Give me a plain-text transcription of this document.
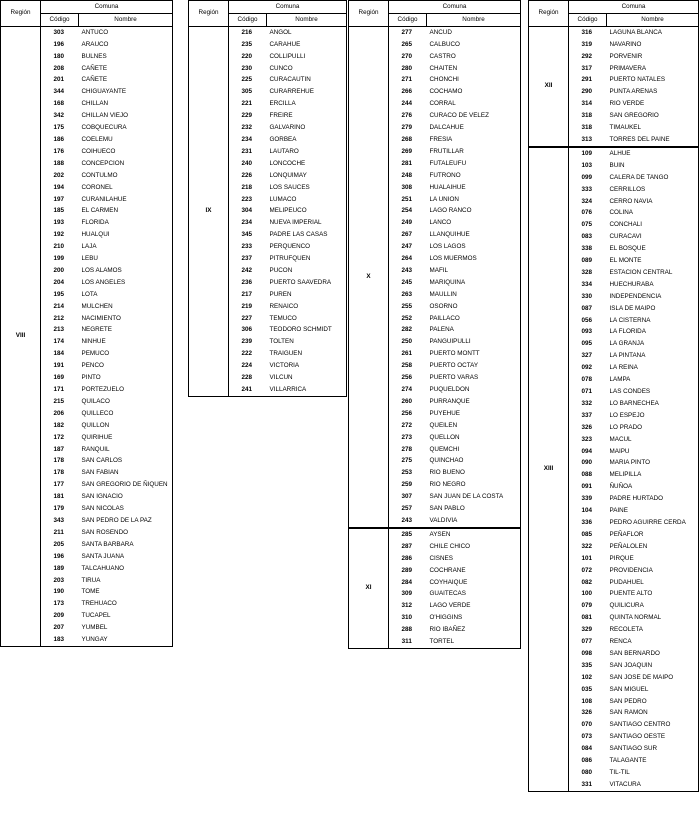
Región	Comuna	
	Código	Nombre
VIII	303	ANTUCO
	196	ARAUCO
	180	BULNES
	208	CAÑETE
	201	CAÑETE
	344	CHIGUAYANTE
	168	CHILLAN
	342	CHILLAN VIEJO
	175	COBQUECURA
	186	COELEMU
	176	COIHUECO
	188	CONCEPCION
	202	CONTULMO
	194	CORONEL
	197	CURANILAHUE
	185	EL CARMEN
	193	FLORIDA
	192	HUALQUI
	210	LAJA
	199	LEBU
	200	LOS ALAMOS
	204	LOS ANGELES
	195	LOTA
	214	MULCHEN
	212	NACIMIENTO
	213	NEGRETE
	174	NINHUE
	184	PEMUCO
	191	PENCO
	169	PINTO
	171	PORTEZUELO
	215	QUILACO
	206	QUILLECO
	182	QUILLON
	172	QUIRIHUE
	187	RANQUIL
	178	SAN CARLOS
	178	SAN FABIAN
	177	SAN GREGORIO DE ÑIQUEN
	181	SAN IGNACIO
	179	SAN NICOLAS
	343	SAN PEDRO DE LA PAZ
	211	SAN ROSENDO
	205	SANTA BARBARA
	196	SANTA JUANA
	189	TALCAHUANO
	203	TIRUA
	190	TOME
	173	TREHUACO
	209	TUCAPEL
	207	YUMBEL
	183	YUNGAY
Región	Comuna	
	Código	Nombre
IX	216	ANGOL
	235	CARAHUE
	220	COLLIPULLI
	230	CUNCO
	225	CURACAUTIN
	305	CURARREHUE
	221	ERCILLA
	229	FREIRE
	232	GALVARINO
	234	GORBEA
	231	LAUTARO
	240	LONCOCHE
	226	LONQUIMAY
	218	LOS SAUCES
	223	LUMACO
	304	MELIPEUCO
	234	NUEVA IMPERIAL
	345	PADRE LAS CASAS
	233	PERQUENCO
	237	PITRUFQUEN
	242	PUCON
	236	PUERTO SAAVEDRA
	217	PUREN
	219	RENAICO
	227	TEMUCO
	306	TEODORO SCHMIDT
	239	TOLTEN
	222	TRAIGUEN
	224	VICTORIA
	228	VILCUN
	241	VILLARRICA
Región	Comuna	
	Código	Nombre
X	277	ANCUD
	265	CALBUCO
	270	CASTRO
	280	CHAITEN
	271	CHONCHI
	266	COCHAMO
	244	CORRAL
	276	CURACO DE VELEZ
	279	DALCAHUE
	268	FRESIA
	269	FRUTILLAR
	281	FUTALEUFU
	248	FUTRONO
	308	HUALAIHUE
	251	LA UNION
	254	LAGO RANCO
	249	LANCO
	267	LLANQUIHUE
	247	LOS LAGOS
	264	LOS MUERMOS
	243	MAFIL
	245	MARIQUINA
	263	MAULLIN
	255	OSORNO
	252	PAILLACO
	282	PALENA
	250	PANGUIPULLI
	261	PUERTO MONTT
	258	PUERTO OCTAY
	256	PUERTO VARAS
	274	PUQUELDON
	260	PURRANQUE
	256	PUYEHUE
	272	QUEILEN
	273	QUELLON
	278	QUEMCHI
	275	QUINCHAO
	253	RIO BUENO
	259	RIO NEGRO
	307	SAN JUAN DE LA COSTA
	257	SAN PABLO
	243	VALDIVIA
XI	285	AYSEN
	287	CHILE CHICO
	286	CISNES
	289	COCHRANE
	284	COYHAIQUE
	309	GUAITECAS
	312	LAGO VERDE
	310	O'HIGGINS
	288	RIO IBAÑEZ
	311	TORTEL
Región	Comuna	
	Código	Nombre
XII	316	LAGUNA BLANCA
	319	NAVARINO
	292	PORVENIR
	317	PRIMAVERA
	291	PUERTO NATALES
	290	PUNTA ARENAS
	314	RIO VERDE
	318	SAN GREGORIO
	318	TIMAUKEL
	313	TORRES DEL PAINE
XIII	109	ALHUE
	103	BUIN
	099	CALERA DE TANGO
	333	CERRILLOS
	324	CERRO NAVIA
	076	COLINA
	075	CONCHALI
	083	CURACAVI
	338	EL BOSQUE
	089	EL MONTE
	328	ESTACION CENTRAL
	334	HUECHURABA
	330	INDEPENDENCIA
	087	ISLA DE MAIPO
	056	LA CISTERNA
	093	LA FLORIDA
	095	LA GRANJA
	327	LA PINTANA
	092	LA REINA
	078	LAMPA
	071	LAS CONDES
	332	LO BARNECHEA
	337	LO ESPEJO
	326	LO PRADO
	323	MACUL
	094	MAIPU
	090	MARIA PINTO
	088	MELIPILLA
	091	ÑUÑOA
	339	PADRE HURTADO
	104	PAINE
	336	PEDRO AGUIRRE CERDA
	085	PEÑAFLOR
	322	PEÑALOLEN
	101	PIRQUE
	072	PROVIDENCIA
	082	PUDAHUEL
	100	PUENTE ALTO
	079	QUILICURA
	081	QUINTA NORMAL
	329	RECOLETA
	077	RENCA
	098	SAN BERNARDO
	335	SAN JOAQUIN
	102	SAN JOSE DE MAIPO
	035	SAN MIGUEL
	108	SAN PEDRO
	326	SAN RAMON
	070	SANTIAGO CENTRO
	073	SANTIAGO OESTE
	084	SANTIAGO SUR
	086	TALAGANTE
	080	TIL-TIL
	331	VITACURA
